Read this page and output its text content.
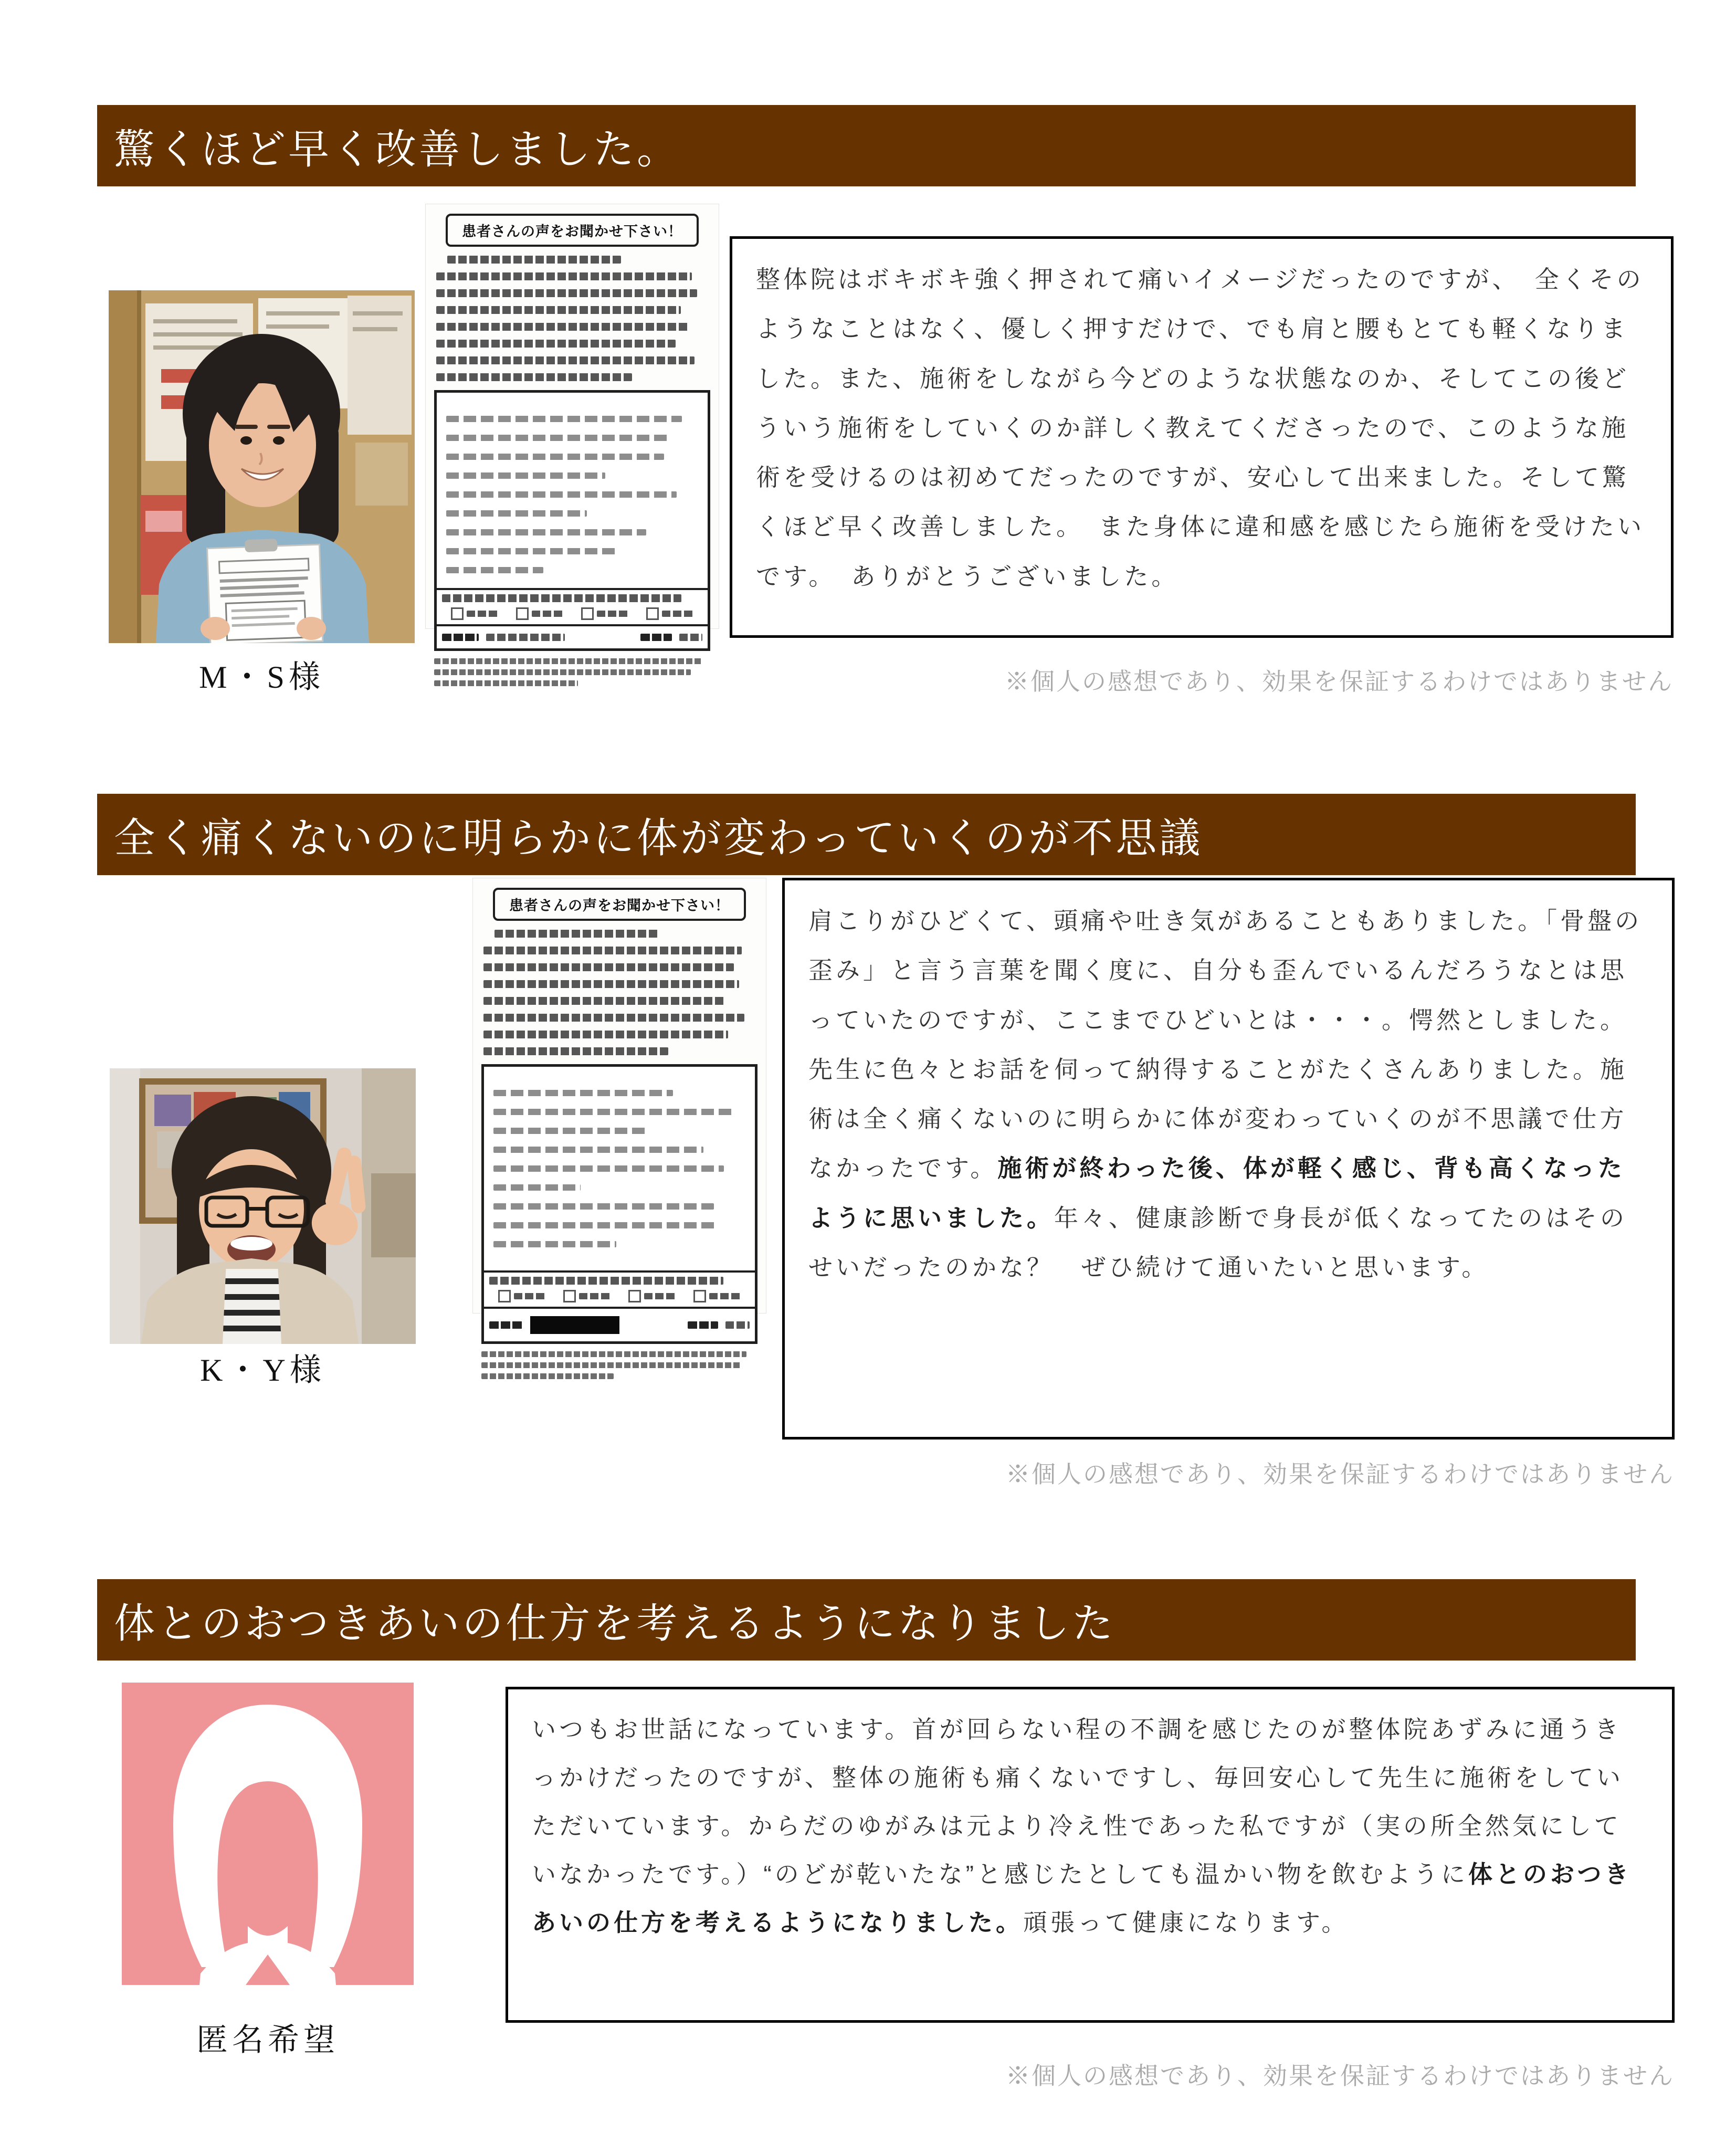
驚くほど早く改善しました。
患者さんの声をお聞かせ下さい！

整体院はボキボキ強く押されて痛いイメージだったのですが、　全くそのようなことはなく、優しく押すだけで、でも肩と腰もとても軽くなりました。また、施術をしながら今どのような状態なのか、そしてこの後どういう施術をしていくのか詳しく教えてくださったので、このような施術を受けるのは初めてだったのですが、安心して出来ました。そして驚くほど早く改善しました。　また身体に違和感を感じたら施術を受けたいです。　ありがとうございました。

M・S様	※個人の感想であり、効果を保証するわけではありません
全く痛くないのに明らかに体が変わっていくのが不思議
患者さんの声をお聞かせ下さい！

肩こりがひどくて、頭痛や吐き気があることもありました。「骨盤の歪み」と言う言葉を聞く度に、自分も歪んでいるんだろうなとは思っていたのですが、ここまでひどいとは・・・。愕然としました。先生に色々とお話を伺って納得することがたくさんありました。施術は全く痛くないのに明らかに体が変わっていくのが不思議で仕方なかったです。施術が終わった後、体が軽く感じ、背も高くなったように思いました。年々、健康診断で身長が低くなってたのはそのせいだったのかな？　ぜひ続けて通いたいと思います。

K・Y様
※個人の感想であり、効果を保証するわけではありません
体とのおつきあいの仕方を考えるようになりました

いつもお世話になっています。首が回らない程の不調を感じたのが整体院あずみに通うきっかけだったのですが、整体の施術も痛くないですし、毎回安心して先生に施術をしていただいています。からだのゆがみは元より冷え性であった私ですが（実の所全然気にしていなかったです。）“のどが乾いたな”と感じたとしても温かい物を飲むように体とのおつきあいの仕方を考えるようになりました。頑張って健康になります。

匿名希望
※個人の感想であり、効果を保証するわけではありません
